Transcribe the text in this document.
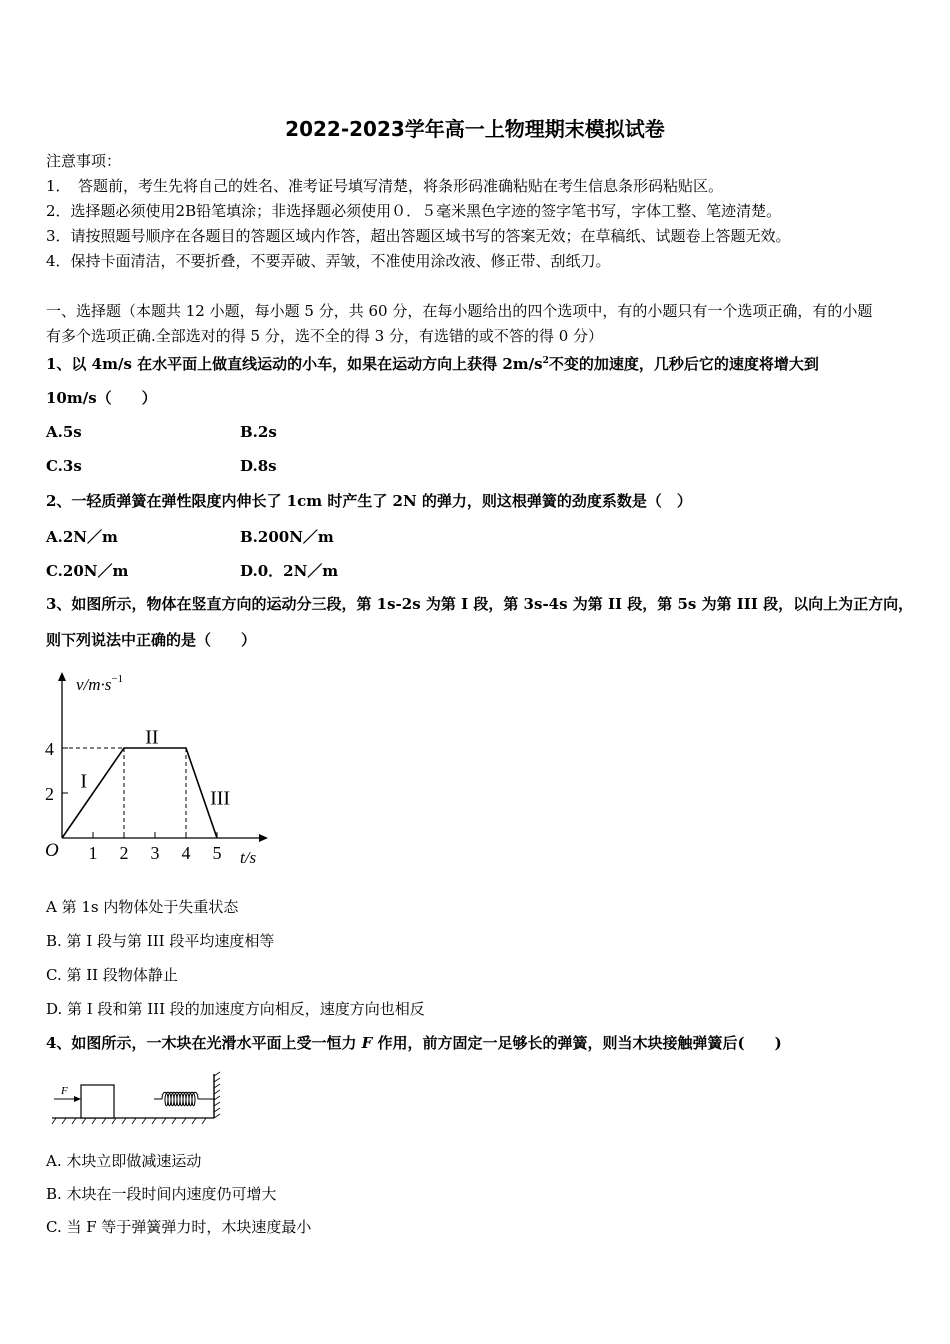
2022-2023学年高一上物理期末模拟试卷
注意事项：
1．　答题前，考生先将自己的姓名、准考证号填写清楚，将条形码准确粘贴在考生信息条形码粘贴区。
2．选择题必须使用2B铅笔填涂；非选择题必须使用０．５毫米黑色字迹的签字笔书写，字体工整、笔迹清楚。
3．请按照题号顺序在各题目的答题区域内作答，超出答题区域书写的答案无效；在草稿纸、试题卷上答题无效。
4．保持卡面清洁，不要折叠，不要弄破、弄皱，不准使用涂改液、修正带、刮纸刀。
一、选择题（本题共 12 小题，每小题 5 分，共 60 分，在每小题给出的四个选项中，有的小题只有一个选项正确，有的小题
有多个选项正确.全部选对的得 5 分，选不全的得 3 分，有选错的或不答的得 0 分）
1、以 4m/s 在水平面上做直线运动的小车，如果在运动方向上获得 $2m/s^2$不变的加速度，几秒后它的速度将增大到
10m/s（　　）
A.5s	B.2s
C.3s	D.8s
2、一轻质弹簧在弹性限度内伸长了 1cm 时产生了 2N 的弹力，则这根弹簧的劲度系数是（　）
A.2N／m	B.200N／m
C.20N／m	D.0．2N／m
3、如图所示，物体在竖直方向的运动分三段，第 1s-2s 为第 I 段，第 3s-4s 为第 II 段，第 5s 为第 III 段，以向上为正方向，
则下列说法中正确的是（　　）
1 2 3 4 5
2
4
I
II
III
$v/m\cdot s^{-1}$
t/s
O
A 第 1s 内物体处于失重状态
B. 第 I 段与第 III 段平均速度相等
C. 第 II 段物体静止
D. 第 I 段和第 III 段的加速度方向相反，速度方向也相反
4、如图所示，一木块在光滑水平面上受一恒力 F 作用，前方固定一足够长的弹簧，则当木块接触弹簧后(　　)
F
A. 木块立即做减速运动
B. 木块在一段时间内速度仍可增大
C. 当 F 等于弹簧弹力时，木块速度最小
